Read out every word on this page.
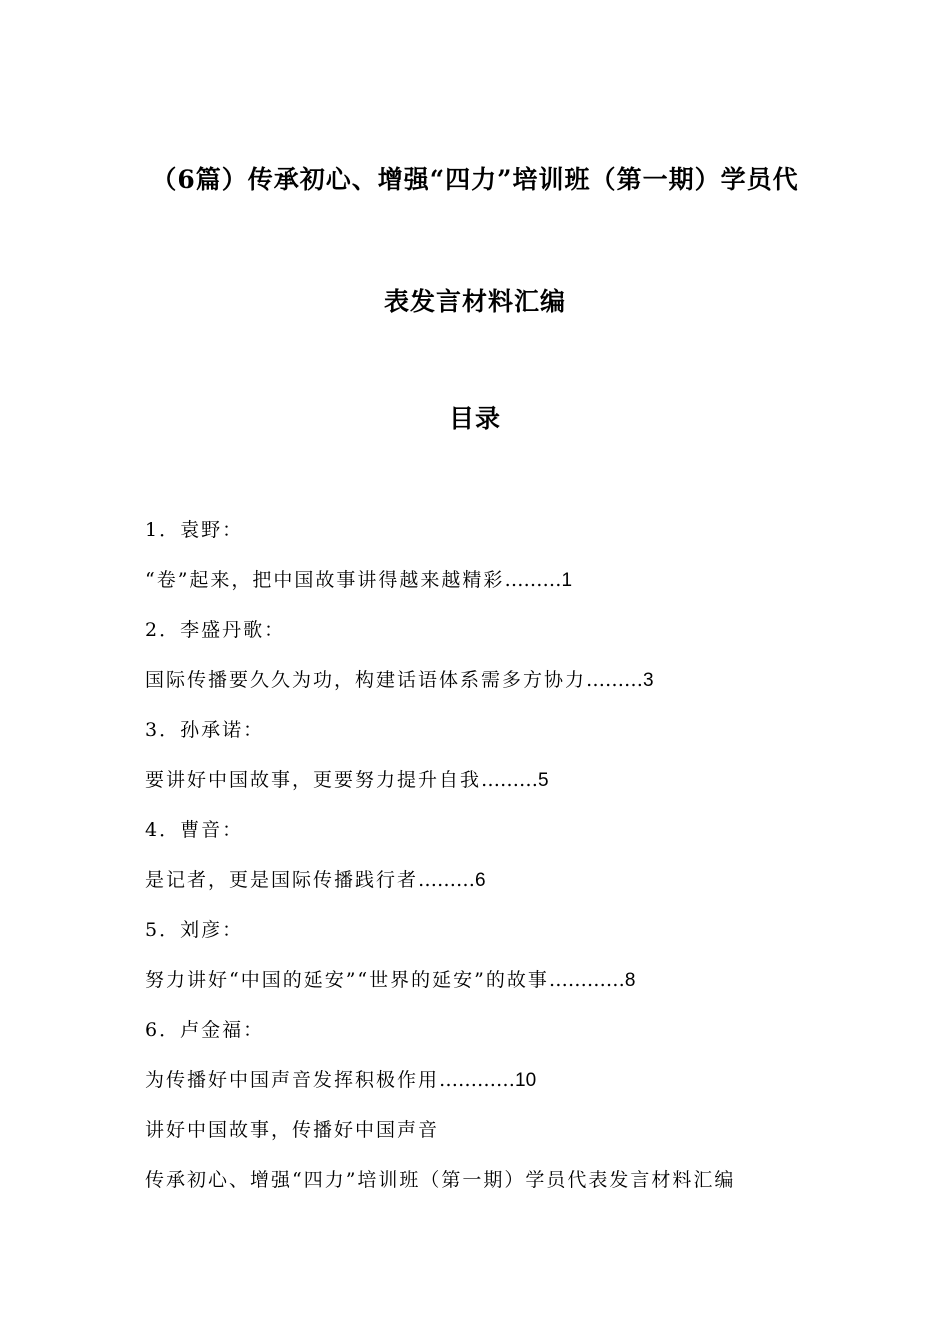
（6篇）传承初心、增强“四力”培训班（第一期）学员代
表发言材料汇编
目录
1．袁野：
“卷”起来，把中国故事讲得越来越精彩………1
2．李盛丹歌：
国际传播要久久为功，构建话语体系需多方协力………3
3．孙承诺：
要讲好中国故事，更要努力提升自我………5
4．曹音：
是记者，更是国际传播践行者………6
5．刘彦：
努力讲好“中国的延安”“世界的延安”的故事…………8
6．卢金福：
为传播好中国声音发挥积极作用…………10
讲好中国故事，传播好中国声音
传承初心、增强“四力”培训班（第一期）学员代表发言材料汇编
